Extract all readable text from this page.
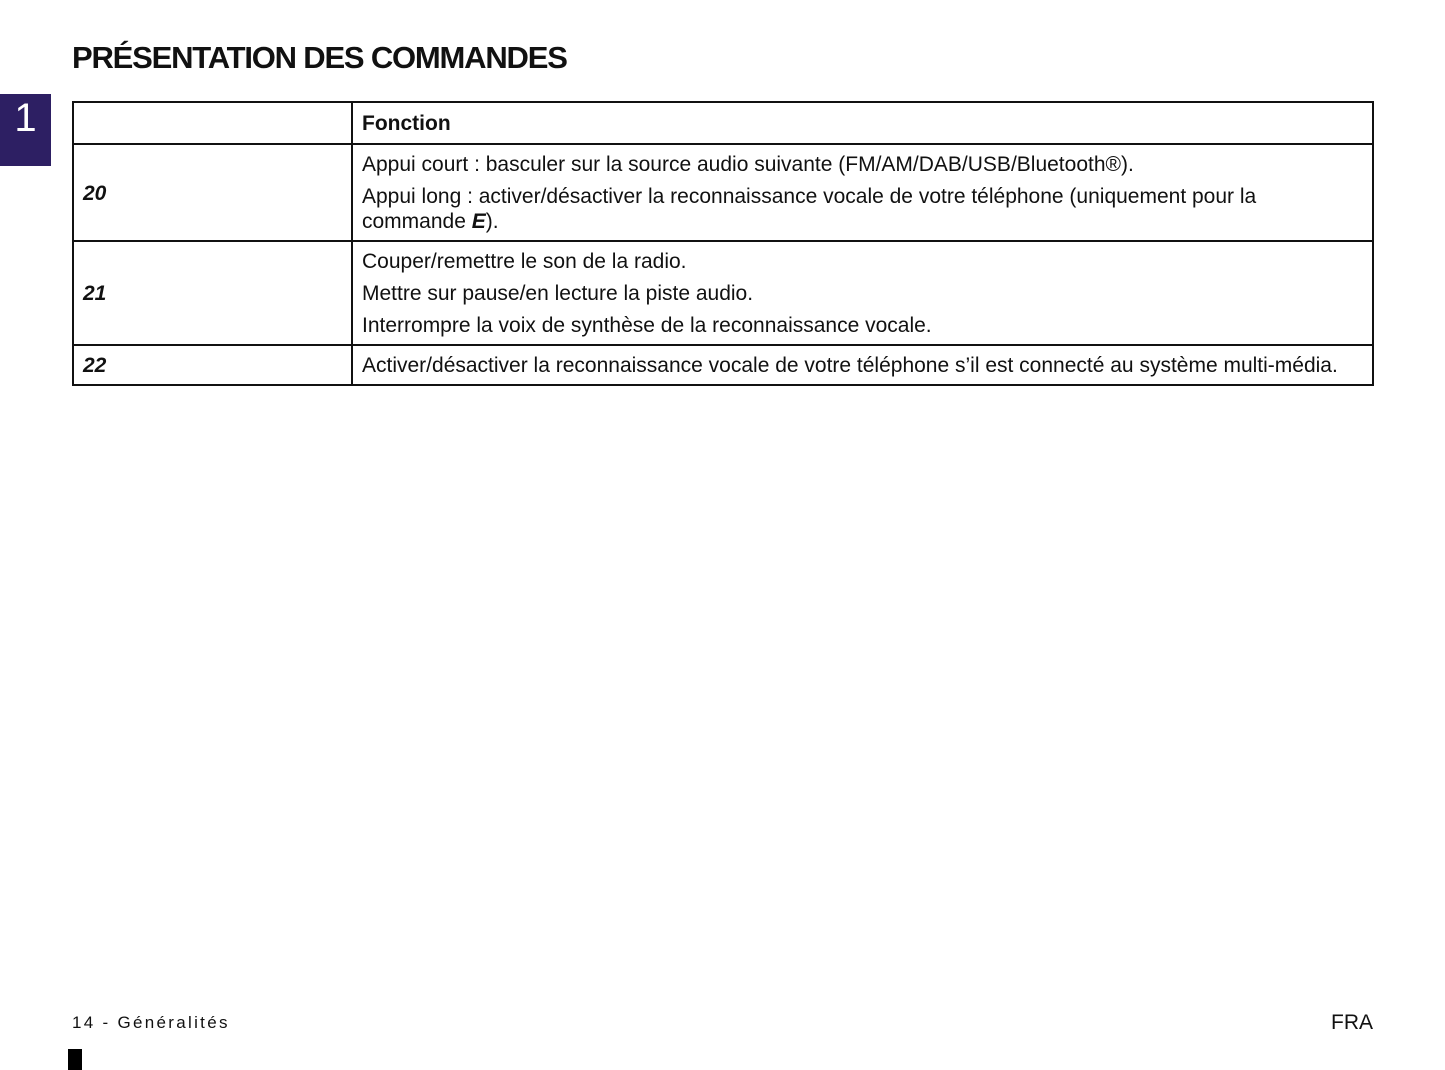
PRÉSENTATION DES COMMANDES
1
		Fonction
20	Appui court : basculer sur la source audio suivante (FM/AM/DAB/USB/Bluetooth®).
Appui long : activer/désactiver la reconnaissance vocale de votre téléphone (uniquement pour la commande E).

21	Couper/remettre le son de la radio.
Mettre sur pause/en lecture la piste audio.
Interrompre la voix de synthèse de la reconnaissance vocale.

22	Activer/désactiver la reconnaissance vocale de votre téléphone s’il est connecté au système multi-média.
14 - Généralités	FRA
